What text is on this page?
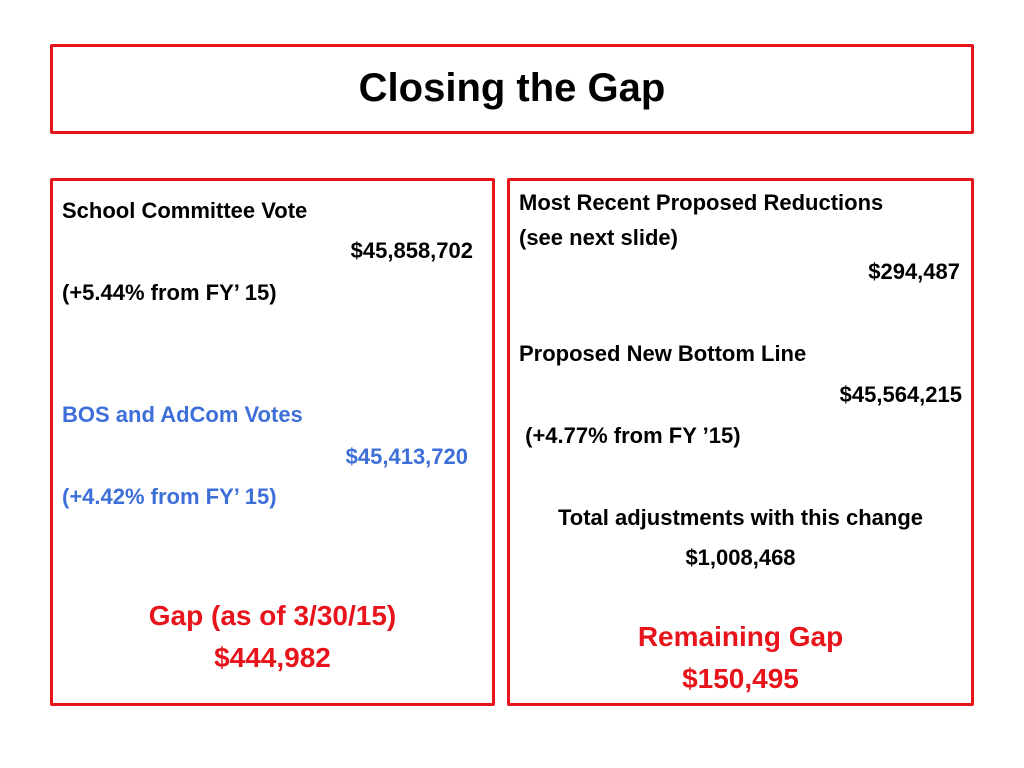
Closing the Gap
School Committee Vote
$45,858,702
(+5.44% from FY’ 15)
BOS and AdCom Votes
$45,413,720
(+4.42% from FY’ 15)
Gap (as of 3/30/15)
$444,982
Most Recent Proposed Reductions
(see next slide)
$294,487
Proposed New Bottom Line
$45,564,215
(+4.77% from FY ’15)
Total adjustments with this change
$1,008,468
Remaining Gap
$150,495
